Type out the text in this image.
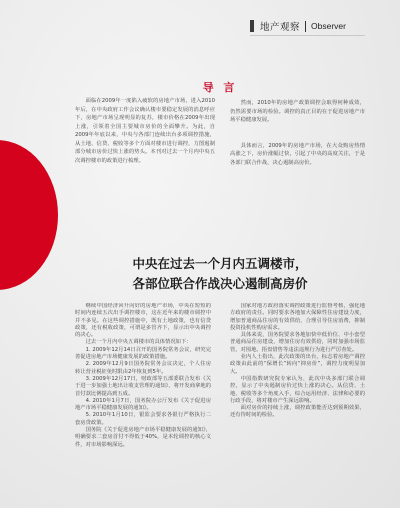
地产观察 Observer
导 言

面临在2009年一度陷入疲软的房地产市场，进入2010年后，在中央政府工作会议确认楼市要稳定发展的消息呼应下，房地产市场呈现明显的复苏，楼市价格在2009年出现上涨，引领着全国主要城市房价的全面攀升。为此，自2009年年底以来，中央与各部门连续出台多项调控措施，从土地、信贷、税收等多个方面对楼市进行调控，力图遏制部分城市房价过快上涨的势头。本刊对过去一个月内中央五次调控楼市的政策进行梳理。

然而，2010年的房地产政策调控会取得何种成效，仍然需要市场的检验。调控的真正目的在于促进房地产市场平稳健康发展。

具体而言，2009年的房地产市场，在大众购房热情高涨之下，房价涨幅过快，引起了中央的高度关注，于是各部门联合作战，决心遏制高房价。

中央在过去一个月内五调楼市，
各部位联合作战决心遏制高房价

继续中国经济回升向好的房地产市场，中央在短短的时间内连续五次出手调控楼市，这在近年来的楼市调控中并不多见。在这些调控措施中，既有土地政策，也有信贷政策，还有税收政策，可谓是多管齐下，显示出中央调控的决心。

过去一个月内中央五调楼市的具体情况如下：

1. 2009年12月14日召开的国务院常务会议，研究完善促进房地产市场健康发展的政策措施。

2. 2009年12月9日国务院常务会议决定，个人住房转让营业税征免时限由2年恢复到5年。

3. 2009年12月17日，财政部等五部委联合发布《关于进一步加强土地出让收支管理的通知》，将开发商拿地的首付款比例提高到五成。

4. 2010年1月7日，国务院办公厅发布《关于促进房地产市场平稳健康发展的通知》。

5. 2010年1月10日，银监会要求各银行严格执行二套房贷政策。

国务院《关于促进房地产市场平稳健康发展的通知》，明确要求二套房首付不得低于40%，是本轮调控的核心文件，对市场影响深远。

国家对地方政府落实调控政策进行监督考核，强化地方政府的责任。同时要求各地加大保障性住房建设力度，增加普通商品住房的有效供给，合理引导住房消费，抑制投资投机性购房需求。

具体来说，国务院要求各地加快中低价位、中小套型普通商品住房建设，增加住房有效供给，同时加强市场监管，对囤地、捂盘惜售等违法违规行为进行严厉查处。

业内人士指出，此次政策的出台，标志着房地产调控政策由此前的“保增长”转向“抑房价”，调控力度明显加大。

中国指数研究院专家认为，此次中央多部门联合调控，显示了中央遏制房价过快上涨的决心。从信贷、土地、税收等多个角度入手，综合运用经济、法律和必要的行政手段，将对楼市产生深远影响。

面对房价的持续上涨，调控政策能否达到预期效果，还有待时间的检验。
